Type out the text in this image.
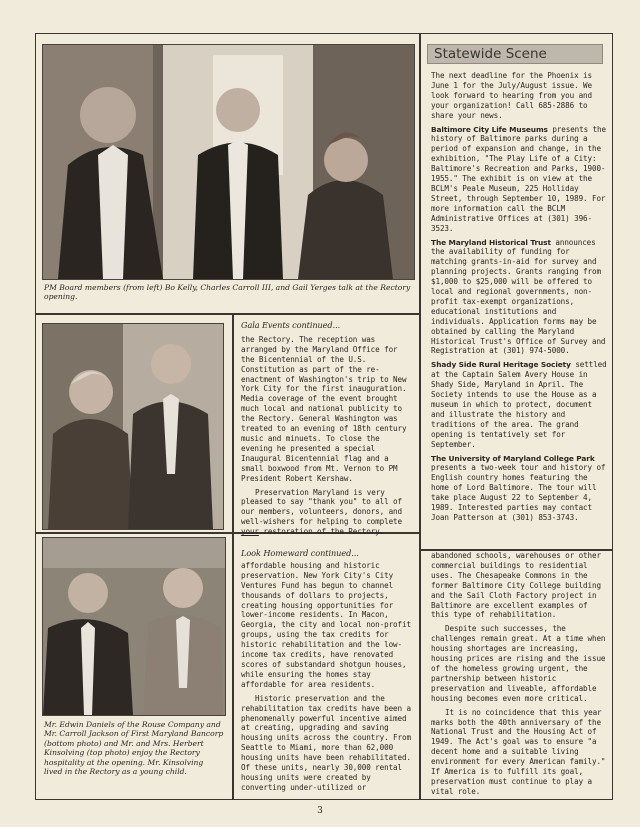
PM Board members (from left) Bo Kelly, Charles Carroll III, and Gail Yerges talk at the Rectory opening.
Mr. Edwin Daniels of the Rouse Company and Mr. Carroll Jackson of First Maryland Bancorp (bottom photo) and Mr. and Mrs. Herbert Kinsolving (top photo) enjoy the Rectory hospitality at the opening. Mr. Kinsolving lived in the Rectory as a young child.

Gala Events continued...

the Rectory. The reception was arranged by the Maryland Office for the Bicentennial of the U.S. Constitution as part of the re-enactment of Washington's trip to New York City for the first inauguration. Media coverage of the event brought much local and national publicity to the Rectory. General Washington was treated to an evening of 18th century music and minuets. To close the evening he presented a special Inaugural Bicentennial flag and a small boxwood from Mt. Vernon to PM President Robert Kershaw.

Preservation Maryland is very pleased to say "thank you" to all of our members, volunteers, donors, and well-wishers for helping to complete your restoration of the Rectory.

Look Homeward continued...

affordable housing and historic preservation. New York City's City Ventures Fund has begun to channel thousands of dollars to projects, creating housing opportunities for lower-income residents. In Macon, Georgia, the city and local non-profit groups, using the tax credits for historic rehabilitation and the low-income tax credits, have renovated scores of substandard shotgun houses, while ensuring the homes stay affordable for area residents.

Historic preservation and the rehabilitation tax credits have been a phenomenally powerful incentive aimed at creating, upgrading and saving housing units across the country. From Seattle to Miami, more than 62,000 housing units have been rehabilitated. Of these units, nearly 30,000 rental housing units were created by converting under-utilized or

abandoned schools, warehouses or other commercial buildings to residential uses. The Chesapeake Commons in the former Baltimore City College building and the Sail Cloth Factory project in Baltimore are excellent examples of this type of rehabilitation.

Despite such successes, the challenges remain great. At a time when housing shortages are increasing, housing prices are rising and the issue of the homeless growing urgent, the partnership between historic preservation and liveable, affordable housing becomes even more critical.

It is no coincidence that this year marks both the 40th anniversary of the National Trust and the Housing Act of 1949. The Act's goal was to ensure "a decent home and a suitable living environment for every American family." If America is to fulfill its goal, preservation must continue to play a vital role.

Statewide Scene

The next deadline for the Phoenix is June 1 for the July/August issue. We look forward to hearing from you and your organization! Call 685-2886 to share your news.

Baltimore City Life Museums presents the history of Baltimore parks during a period of expansion and change, in the exhibition, "The Play Life of a City: Baltimore's Recreation and Parks, 1900-1955." The exhibit is on view at the BCLM's Peale Museum, 225 Holliday Street, through September 10, 1989. For more information call the BCLM Administrative Offices at (301) 396-3523.

The Maryland Historical Trust announces the availability of funding for matching grants-in-aid for survey and planning projects. Grants ranging from $1,000 to $25,000 will be offered to local and regional governments, non-profit tax-exempt organizations, educational institutions and individuals. Application forms may be obtained by calling the Maryland Historical Trust's Office of Survey and Registration at (301) 974-5000.

Shady Side Rural Heritage Society settled at the Captain Salem Avery House in Shady Side, Maryland in April. The Society intends to use the House as a museum in which to protect, document and illustrate the history and traditions of the area. The grand opening is tentatively set for September.

The University of Maryland College Park presents a two-week tour and history of English country homes featuring the home of Lord Baltimore. The tour will take place August 22 to September 4, 1989. Interested parties may contact Joan Patterson at (301) 853-3743.

3
